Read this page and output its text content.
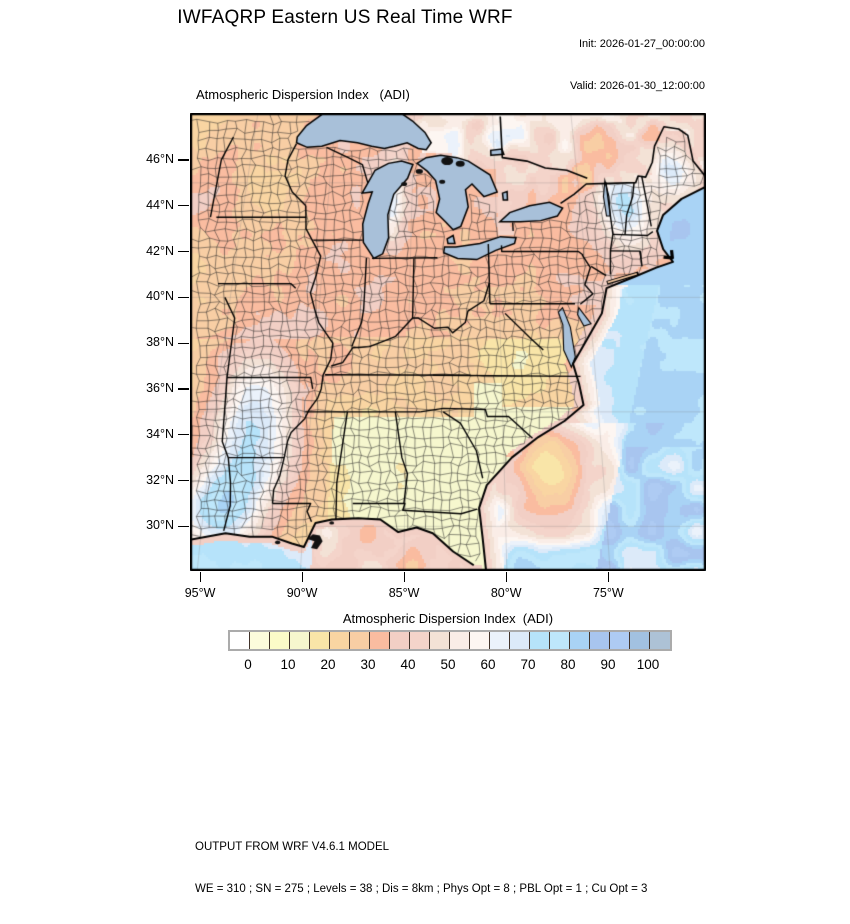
IWFAQRP Eastern US Real Time WRF

Init: 2026-01-27_00:00:00

Valid: 2026-01-30_12:00:00

Atmospheric Dispersion Index   (ADI)
46°N
44°N
42°N
40°N
38°N
36°N
34°N
32°N
30°N
95°W	90°W	85°W	80°W	75°W
Atmospheric Dispersion Index  (ADI)
0	10	20	30	40	50	60	70	80	90	100

OUTPUT FROM WRF V4.6.1 MODEL

WE = 310 ; SN = 275 ; Levels = 38 ; Dis = 8km ; Phys Opt = 8 ; PBL Opt = 1 ; Cu Opt = 3
